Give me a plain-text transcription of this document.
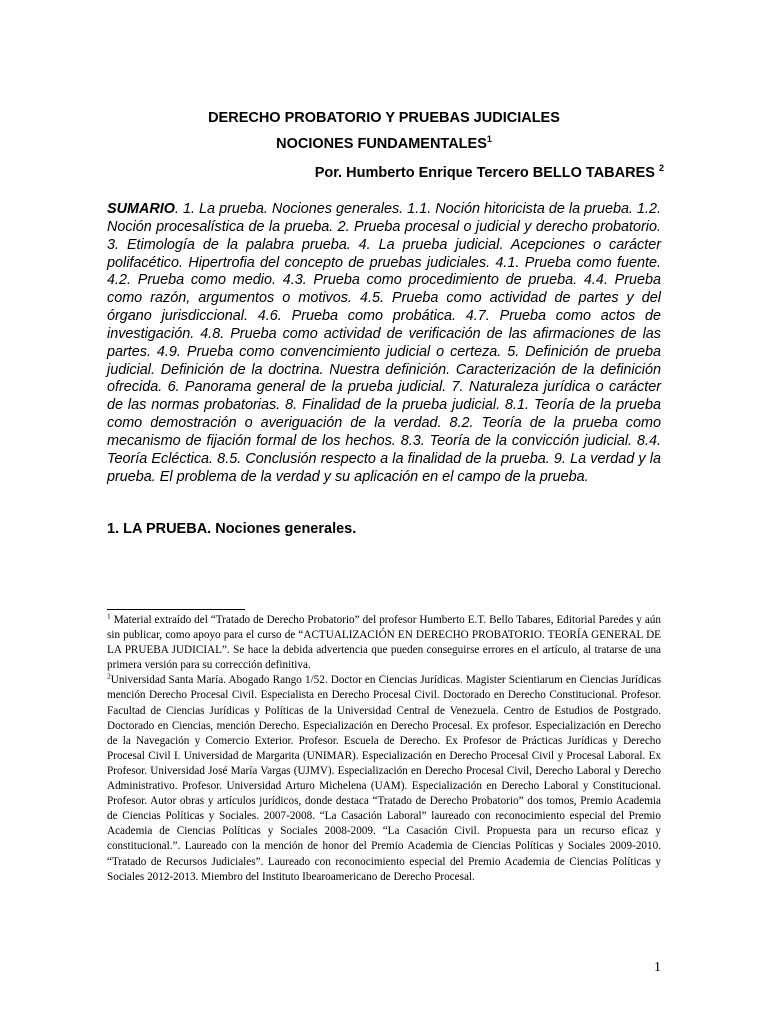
DERECHO PROBATORIO Y PRUEBAS JUDICIALES
NOCIONES FUNDAMENTALES$^1$
Por. Humberto Enrique Tercero BELLO TABARES $^2$

SUMARIO. 1. La prueba. Nociones generales. 1.1. Noción hitoricista de la prueba. 1.2. Noción procesalística de la prueba. 2. Prueba procesal o judicial y derecho probatorio. 3. Etimología de la palabra prueba. 4. La prueba judicial. Acepciones o carácter polifacético. Hipertrofia del concepto de pruebas judiciales. 4.1. Prueba como fuente. 4.2. Prueba como medio. 4.3. Prueba como procedimiento de prueba. 4.4. Prueba como razón, argumentos o motivos. 4.5. Prueba como actividad de partes y del órgano jurisdiccional. 4.6. Prueba como probática. 4.7. Prueba como actos de investigación. 4.8. Prueba como actividad de verificación de las afirmaciones de las partes. 4.9. Prueba como convencimiento judicial o certeza. 5. Definición de prueba judicial. Definición de la doctrina. Nuestra definición. Caracterización de la definición ofrecida. 6. Panorama general de la prueba judicial. 7. Naturaleza jurídica o carácter de las normas probatorias. 8. Finalidad de la prueba judicial. 8.1. Teoría de la prueba como demostración o averiguación de la verdad. 8.2. Teoría de la prueba como mecanismo de fijación formal de los hechos. 8.3. Teoría de la convicción judicial. 8.4. Teoría Ecléctica. 8.5. Conclusión respecto a la finalidad de la prueba. 9. La verdad y la prueba. El problema de la verdad y su aplicación en el campo de la prueba.

1. LA PRUEBA. Nociones generales.

$^1$ Material extraído del “Tratado de Derecho Probatorio” del profesor Humberto E.T. Bello Tabares, Editorial Paredes y aún sin publicar, como apoyo para el curso de “ACTUALIZACIÓN EN DERECHO PROBATORIO. TEORÍA GENERAL DE LA PRUEBA JUDICIAL”. Se hace la debida advertencia que pueden conseguirse errores en el artículo, al tratarse de una primera versión para su corrección definitiva.

$^2$Universidad Santa María. Abogado Rango 1/52. Doctor en Ciencias Jurídicas. Magister Scientiarum en Ciencias Jurídicas mención Derecho Procesal Civil. Especialista en Derecho Procesal Civil. Doctorado en Derecho Constitucional. Profesor. Facultad de Ciencias Jurídicas y Políticas de la Universidad Central de Venezuela. Centro de Estudios de Postgrado. Doctorado en Ciencias, mención Derecho. Especialización en Derecho Procesal. Ex profesor. Especialización en Derecho de la Navegación y Comercio Exterior. Profesor. Escuela de Derecho. Ex Profesor de Prácticas Jurídicas y Derecho Procesal Civil I. Universidad de Margarita (UNIMAR). Especialización en Derecho Procesal Civil y Procesal Laboral. Ex Profesor. Universidad José María Vargas (UJMV). Especialización en Derecho Procesal Civil, Derecho Laboral y Derecho Administrativo. Profesor. Universidad Arturo Michelena (UAM). Especialización en Derecho Laboral y Constitucional. Profesor. Autor obras y artículos jurídicos, donde destaca “Tratado de Derecho Probatorio” dos tomos, Premio Academia de Ciencias Políticas y Sociales. 2007-2008. “La Casación Laboral” laureado con reconocimiento especial del Premio Academia de Ciencias Políticas y Sociales 2008-2009. “La Casación Civil. Propuesta para un recurso eficaz y constitucional.”. Laureado con la mención de honor del Premio Academia de Ciencias Políticas y Sociales 2009-2010. “Tratado de Recursos Judiciales”. Laureado con reconocimiento especial del Premio Academia de Ciencias Políticas y Sociales 2012-2013. Miembro del Instituto Ibearoamericano de Derecho Procesal.

1
